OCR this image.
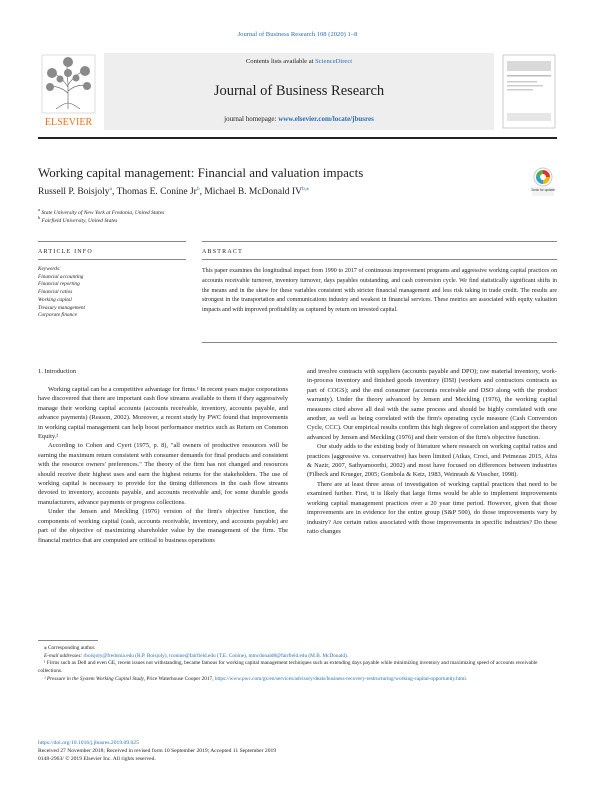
Journal of Business Research 108 (2020) 1–8
ELSEVIER
Contents lists available at ScienceDirect
Journal of Business Research
journal homepage: www.elsevier.com/locate/jbusres
Working capital management: Financial and valuation impacts
Check for updates
Russell P. Boisjoly$^a$, Thomas E. Conine Jr$^b$, Michael B. McDonald $IV^{b,⁎}$
$^a$ State University of New York at Fredonia, United States
$^b$ Fairfield University, United States
ARTICLE INFO	ABSTRACT
Keywords:
Financial accounting
Financial reporting
Financial ratios
Working capital
Treasury management
Corporate finance
This paper examines the longitudinal impact from 1990 to 2017 of continuous improvement programs and aggressive working capital practices on accounts receivable turnover, inventory turnover, days payables outstanding, and cash conversion cycle. We find statistically significant shifts in the means and in the skew for these variables consistent with stricter financial management and less risk taking in trade credit. The results are strongest in the transportation and communications industry and weakest in financial services. These metrics are associated with equity valuation impacts and with improved profitability as captured by return on invested capital.
1. Introduction

Working capital can be a competitive advantage for firms.¹ In recent years major corporations have discovered that there are important cash flow streams available to them if they aggressively manage their working capital accounts (accounts receivable, inventory, accounts payable, and advance payments) (Reason, 2002). Moreover, a recent study by PWC found that improvements in working capital management can help boost performance metrics such as Return on Common Equity.²

According to Cohen and Cyert (1975, p. 8), "all owners of productive resources will be earning the maximum return consistent with consumer demands for final products and consistent with the resource owners' preferences." The theory of the firm has not changed and resources should receive their highest uses and earn the highest returns for the stakeholders. The use of working capital is necessary to provide for the timing differences in the cash flow streams devoted to inventory, accounts payable, and accounts receivable and, for some durable goods manufacturers, advance payments or progress collections.

Under the Jensen and Meckling (1976) version of the firm's objective function, the components of working capital (cash, accounts receivable, inventory, and accounts payable) are part of the objective of maximizing shareholder value by the management of the firm. The financial metrics that are computed are critical to business operations

and involve contracts with suppliers (accounts payable and DPO); raw material inventory, work-in-process inventory and finished goods inventory (DSI) (workers and contractors contracts as part of COGS); and the end consumer (accounts receivable and DSO along with the product warranty). Under the theory advanced by Jensen and Meckling (1976), the working capital measures cited above all deal with the same process and should be highly correlated with one another, as well as being correlated with the firm's operating cycle measure (Cash Conversion Cycle, CCC). Our empirical results confirm this high degree of correlation and support the theory advanced by Jensen and Meckling (1976) and their version of the firm's objective function.

Our study adds to the existing body of literature where research on working capital ratios and practices (aggressive vs. conservative) has been limited (Atkas, Croci, and Petmezas 2015, Afza & Nazir, 2007, Sathyamoorthi, 2002) and most have focused on differences between industries (Filbeck and Krueger, 2005; Gombola & Ketz, 1983, Weinraub & Visscher, 1998).

There are at least three areas of investigation of working capital practices that need to be examined further. First, it is likely that large firms would be able to implement improvements working capital management practices over a 20 year time period. However, given that those improvements are in evidence for the entire group (S&P 500), do those improvements vary by industry? Are certain ratios associated with those improvements in specific industries? Do these ratio changes

⁎ Corresponding author.

E-mail addresses: rboisjoly@fredonia.edu (R.P. Boisjoly), tconine@fairfield.edu (T.E. Conine), mmcdonald8@fairfield.edu (M.B. McDonald).

¹ Firms such as Dell and even GE, recent issues not withstanding, became famous for working capital management techniques such as extending days payable while minimizing inventory and maximizing speed of accounts receivable collections.

² Pressure in the System Working Capital Study, Price Waterhouse Cooper 2017, https://www.pwc.com/gx/en/services/advisory/deals/business-recovery-restructuring/working-capital-opportunity.html.

https://doi.org/10.1016/j.jbusres.2019.09.025
Received 27 November 2018; Received in revised form 10 September 2019; Accepted 11 September 2019
0148-2963/ © 2019 Elsevier Inc. All rights reserved.
